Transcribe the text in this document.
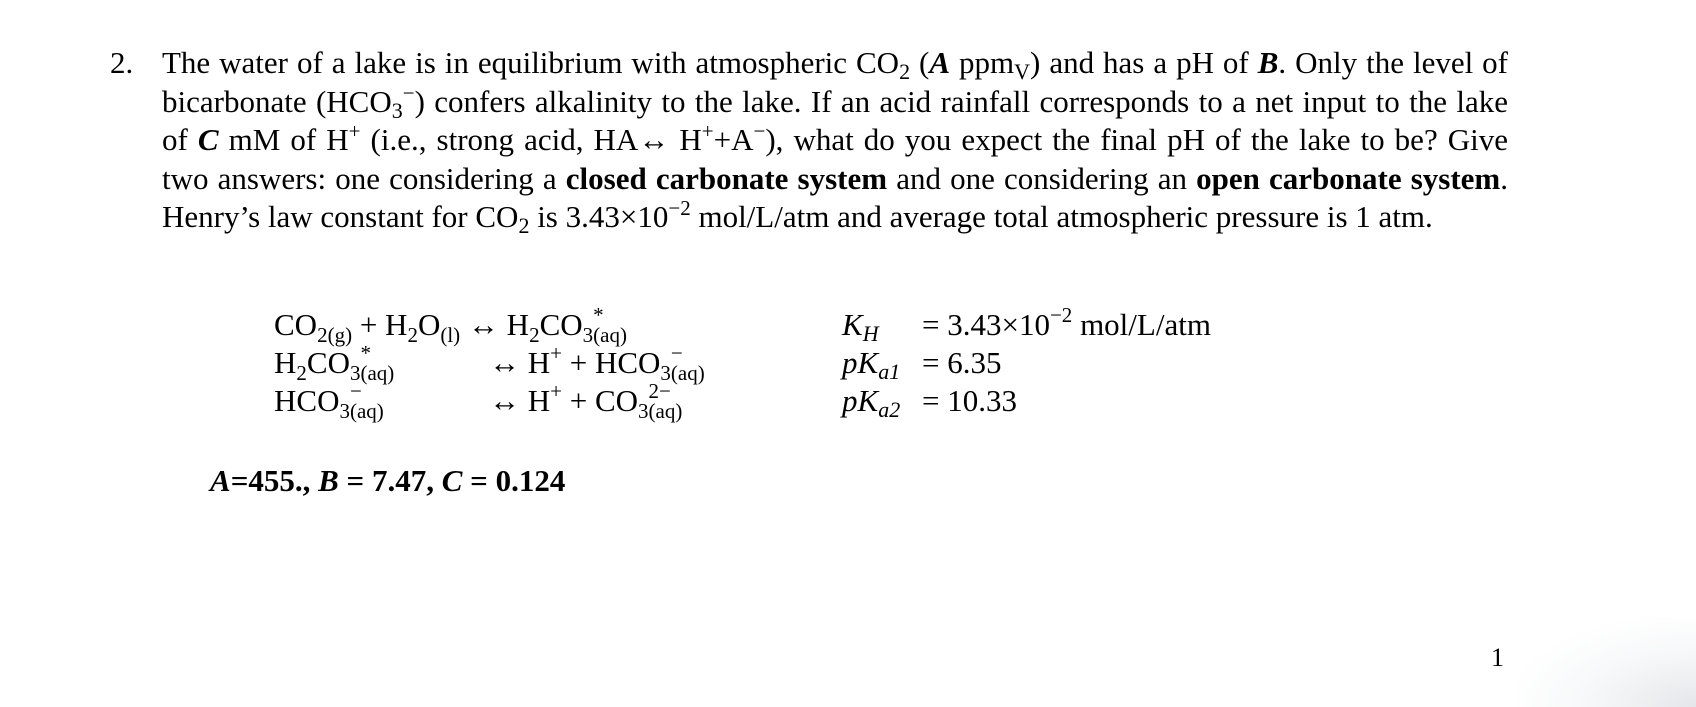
2. The water of a lake is in equilibrium with atmospheric $CO_2$ (A ppm$_V$) and has a pH of B. Only the level of bicarbonate $(HCO_3^-)$ confers alkalinity to the lake. If an acid rainfall corresponds to a net input to the lake of C mM of H+ (i.e., strong acid, HA↔ H++A−), what do you expect the final pH of the lake to be? Give two answers: one considering a closed carbonate system and one considering an open carbonate system. Henry’s law constant for $CO_2$ is $3.43\times 10^{-2}$ mol/L/atm and average total atmospheric pressure is 1 atm.
$CO_{2(g)} + H_2O_{(l)}$ ↔ $H_2CO_3^*_{(aq)}$
$H_2CO_3^*_{(aq)}$	↔ $H^+ + HCO_3^-_{(aq)}$
$HCO_3^-_{(aq)}$	↔ $H^+ + CO_3^{2-}_{(aq)}$
$K_H = 3.43\times 10^{-2}$ mol/L/atm
$pK_{a1} = 6.35$
$pK_{a2} = 10.33$
A=455., B = 7.47, C = 0.124
1
